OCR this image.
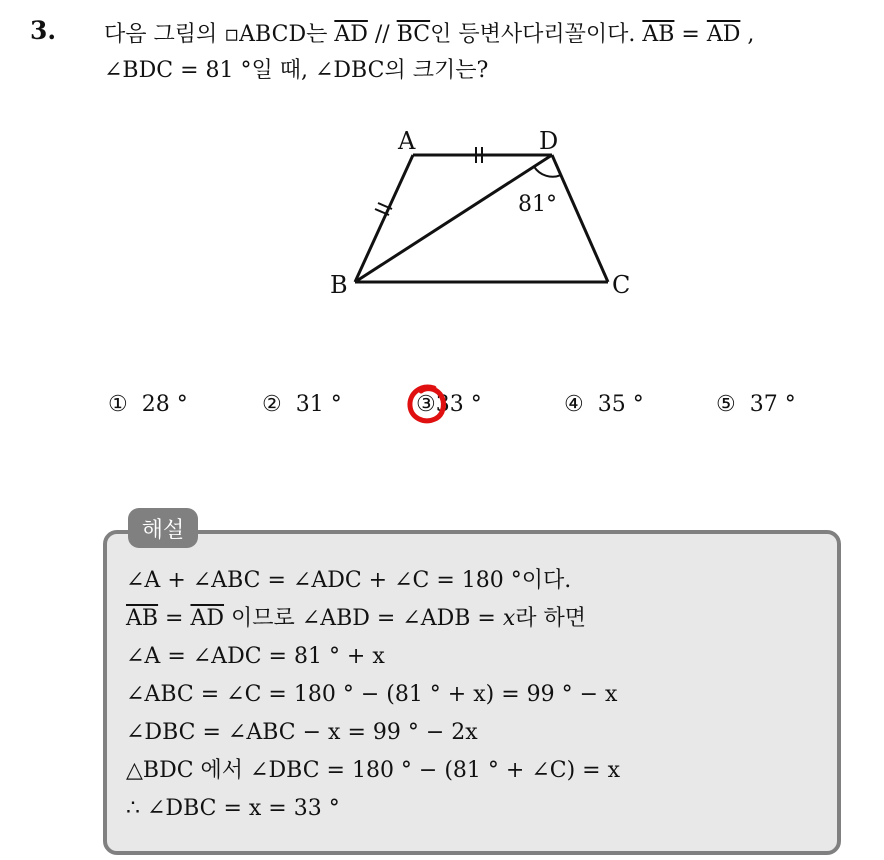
3. 다음 그림의 ▫ABCD는 $\overline{AD} // \overline{BC}$인 등변사다리꼴이다. $\overline{AB} = \overline{AD}$ ,
∠BDC = 81 °일 때, ∠DBC의 크기는?
A	D
B	C
81°
① 28 °	② 31 °	③33 °	④ 35 °	⑤ 37 °
해설
∠A + ∠ABC = ∠ADC + ∠C = 180 °이다.
$\overline{AB} = \overline{AD}$ 이므로 ∠ABD = ∠ADB = x라 하면
∠A = ∠ADC = 81 ° + x
∠ABC = ∠C = 180 ° − (81 ° + x) = 99 ° − x
∠DBC = ∠ABC − x = 99 ° − 2x
△BDC 에서 ∠DBC = 180 ° − (81 ° + ∠C) = x
∴ ∠DBC = x = 33 °
